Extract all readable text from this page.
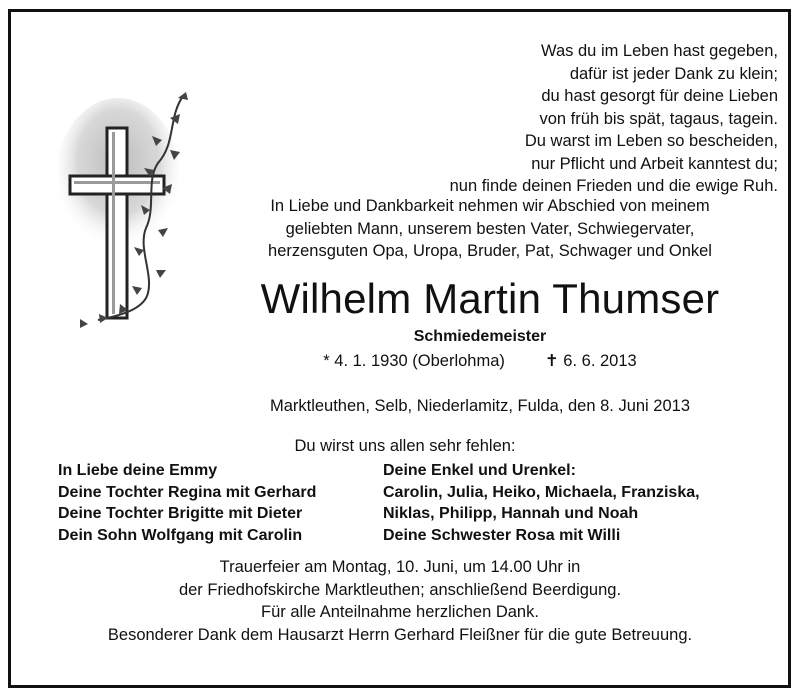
Was du im Leben hast gegeben,
dafür ist jeder Dank zu klein;
du hast gesorgt für deine Lieben
von früh bis spät, tagaus, tagein.
Du warst im Leben so bescheiden,
nur Pflicht und Arbeit kanntest du;
nun finde deinen Frieden und die ewige Ruh.
In Liebe und Dankbarkeit nehmen wir Abschied von meinem
geliebten Mann, unserem besten Vater, Schwiegervater,
herzensguten Opa, Uropa, Bruder, Pat, Schwager und Onkel
Wilhelm Martin Thumser
Schmiedemeister
* 4. 1. 1930 (Oberlohma) ✝ 6. 6. 2013
Marktleuthen, Selb, Niederlamitz, Fulda, den 8. Juni 2013
Du wirst uns allen sehr fehlen:
In Liebe deine Emmy
Deine Tochter Regina mit Gerhard
Deine Tochter Brigitte mit Dieter
Dein Sohn Wolfgang mit Carolin
Deine Enkel und Urenkel:
Carolin, Julia, Heiko, Michaela, Franziska,
Niklas, Philipp, Hannah und Noah
Deine Schwester Rosa mit Willi
Trauerfeier am Montag, 10. Juni, um 14.00 Uhr in
der Friedhofskirche Marktleuthen; anschließend Beerdigung.
Für alle Anteilnahme herzlichen Dank.
Besonderer Dank dem Hausarzt Herrn Gerhard Fleißner für die gute Betreuung.
